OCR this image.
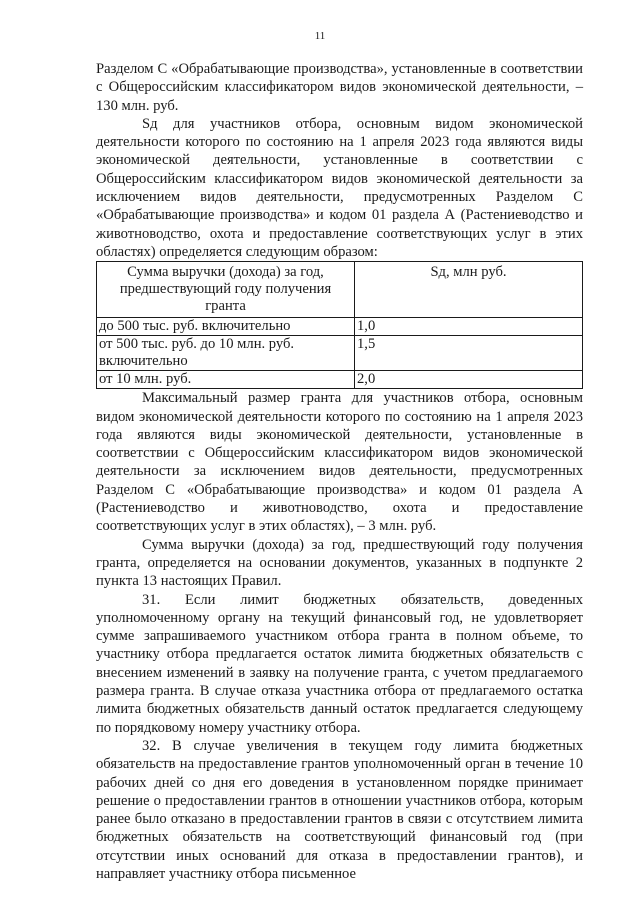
11

Разделом С «Обрабатывающие производства», установленные в соответствии с Общероссийским классификатором видов экономической деятельности, – 130 млн. руб.

Sд для участников отбора, основным видом экономической деятельности которого по состоянию на 1 апреля 2023 года являются виды экономической деятельности, установленные в соответствии с Общероссийским классификатором видов экономической деятельности за исключением видов деятельности, предусмотренных Разделом С «Обрабатывающие производства» и кодом 01 раздела А (Растениеводство и животноводство, охота и предоставление соответствующих услуг в этих областях) определяется следующим образом:

Сумма выручки (дохода) за год, предшествующий году получения гранта	Sд, млн руб.
до 500 тыс. руб. включительно	1,0
от 500 тыс. руб. до 10 млн. руб. включительно	1,5
от 10 млн. руб.	2,0

Максимальный размер гранта для участников отбора, основным видом экономической деятельности которого по состоянию на 1 апреля 2023 года являются виды экономической деятельности, установленные в соответствии с Общероссийским классификатором видов экономической деятельности за исключением видов деятельности, предусмотренных Разделом С «Обрабатывающие производства» и кодом 01 раздела А (Растениеводство и животноводство, охота и предоставление соответствующих услуг в этих областях), – 3 млн. руб.

Сумма выручки (дохода) за год, предшествующий году получения гранта, определяется на основании документов, указанных в подпункте 2 пункта 13 настоящих Правил.

31. Если лимит бюджетных обязательств, доведенных уполномоченному органу на текущий финансовый год, не удовлетворяет сумме запрашиваемого участником отбора гранта в полном объеме, то участнику отбора предлагается остаток лимита бюджетных обязательств с внесением изменений в заявку на получение гранта, с учетом предлагаемого размера гранта. В случае отказа участника отбора от предлагаемого остатка лимита бюджетных обязательств данный остаток предлагается следующему по порядковому номеру участнику отбора.

32. В случае увеличения в текущем году лимита бюджетных обязательств на предоставление грантов уполномоченный орган в течение 10 рабочих дней со дня его доведения в установленном порядке принимает решение о предоставлении грантов в отношении участников отбора, которым ранее было отказано в предоставлении грантов в связи с отсутствием лимита бюджетных обязательств на соответствующий финансовый год (при отсутствии иных оснований для отказа в предоставлении грантов), и направляет участнику отбора письменное
